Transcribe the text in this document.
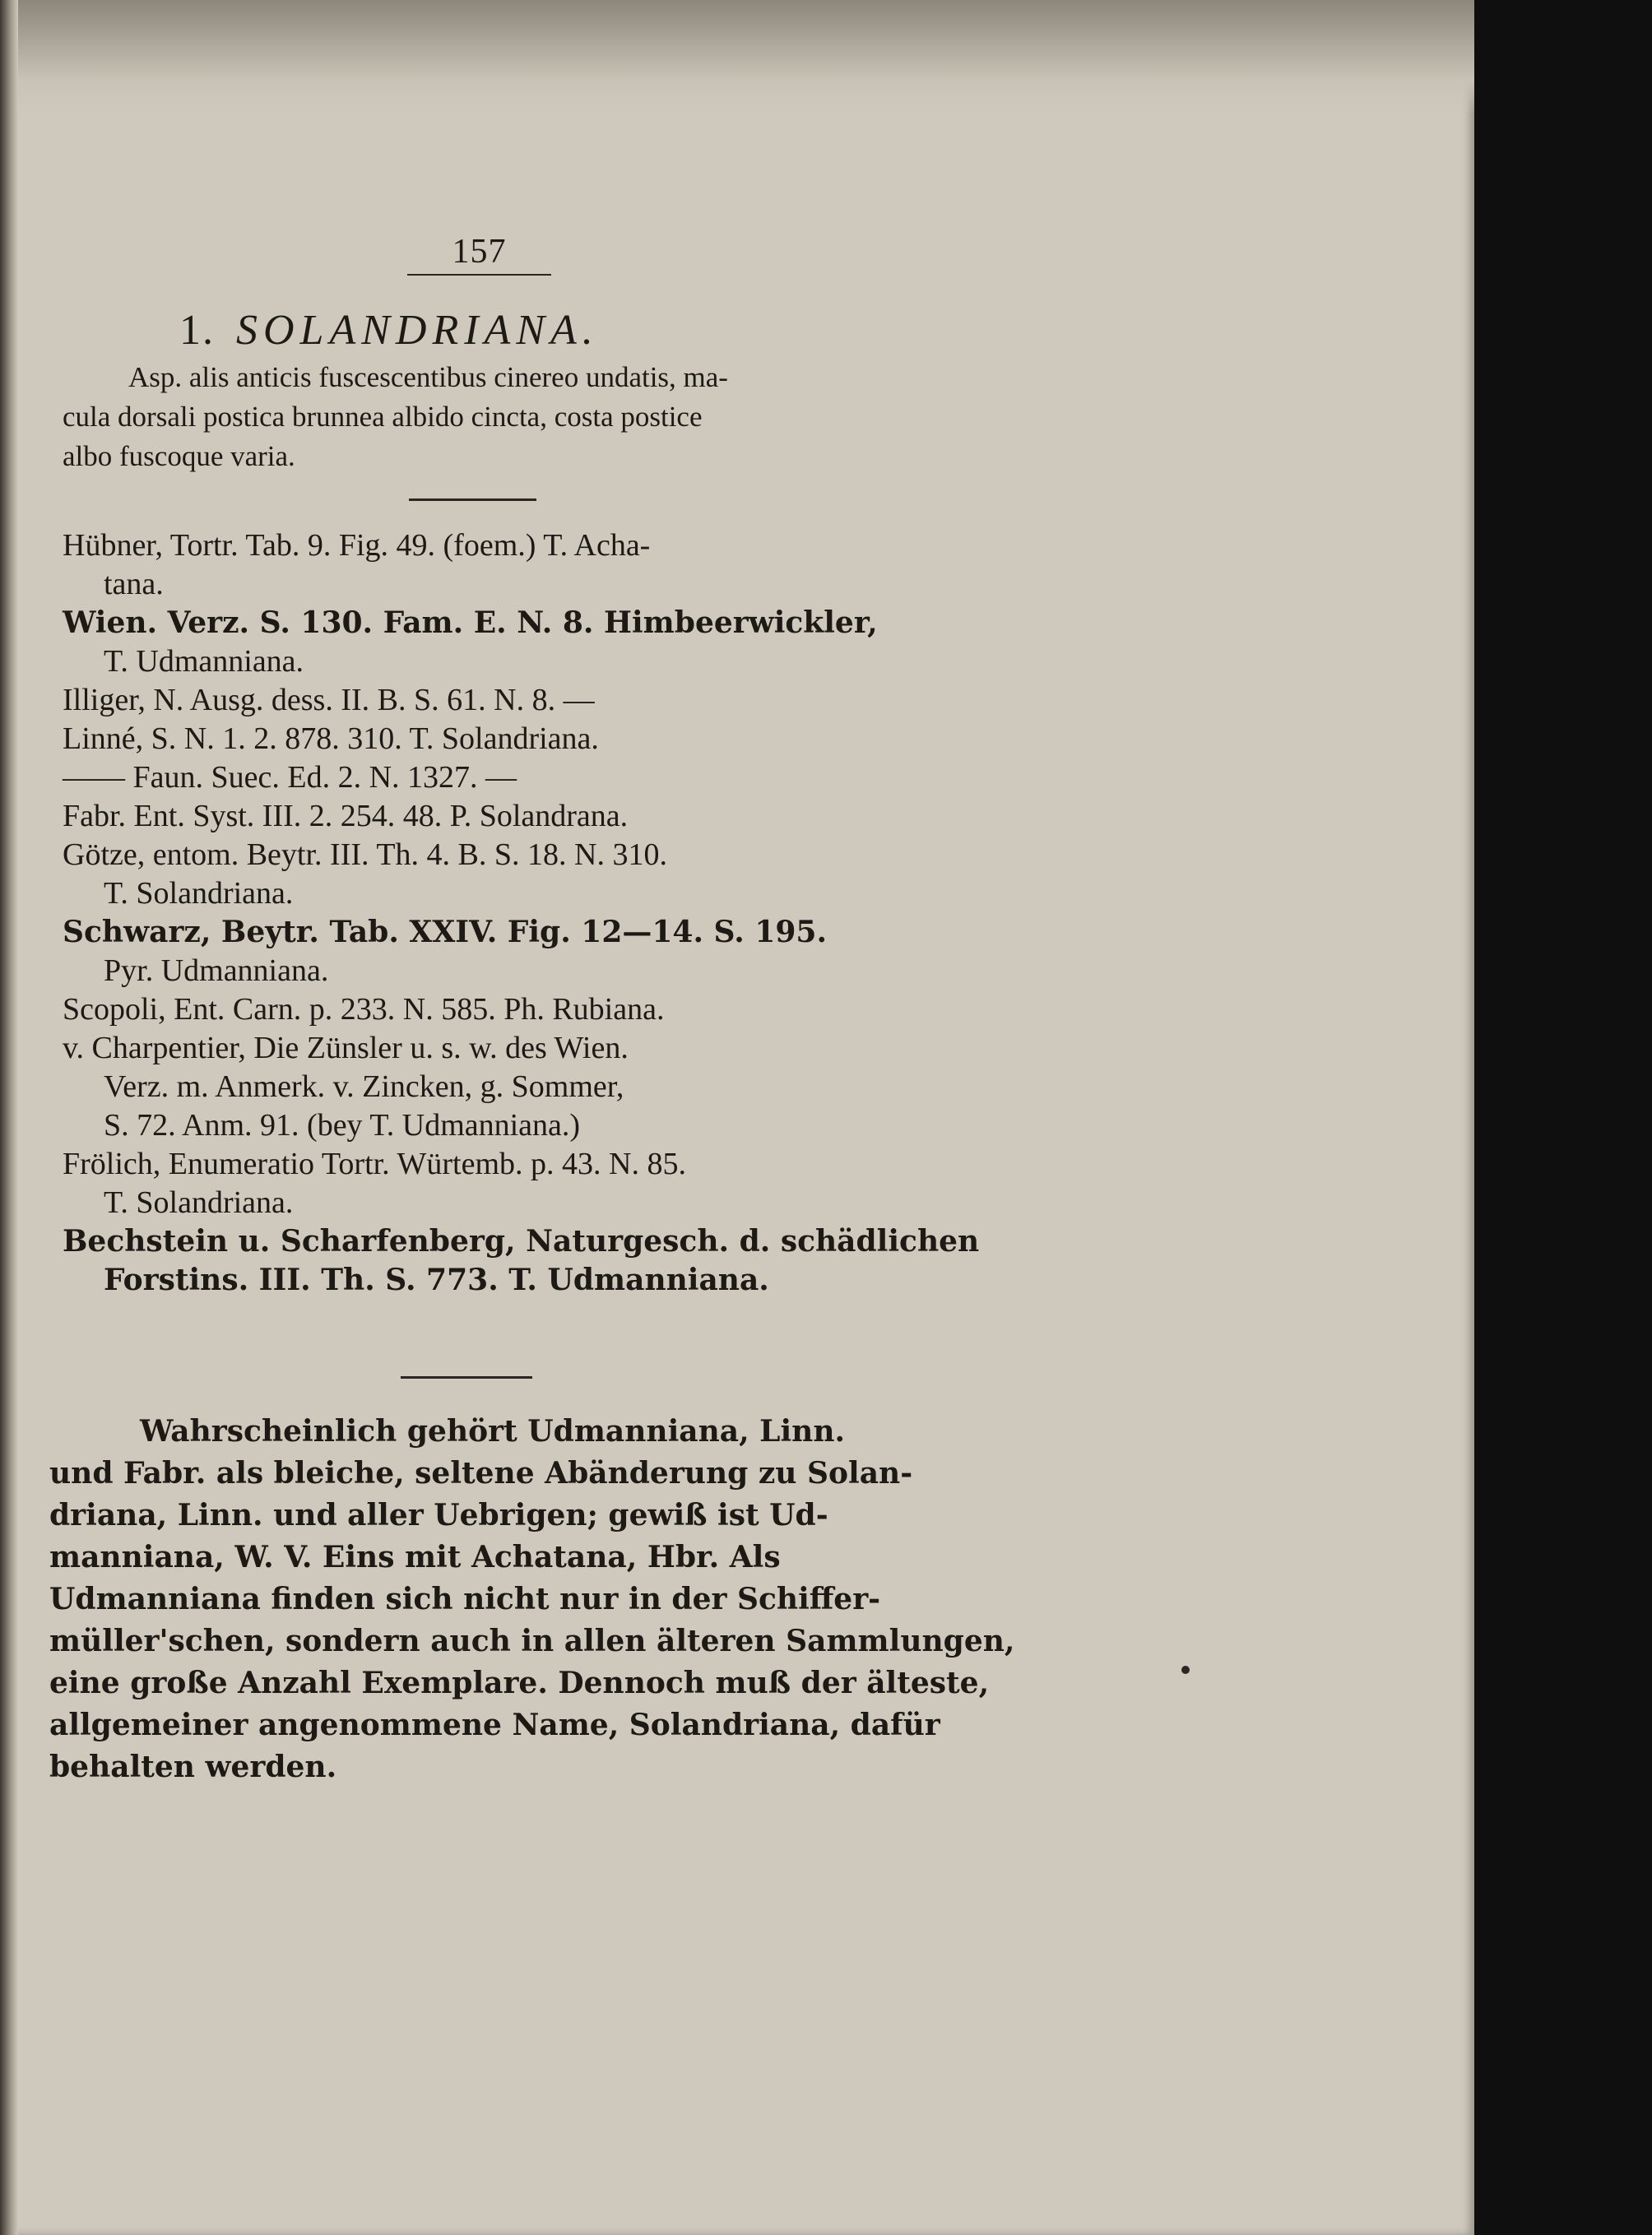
157
1. SOLANDRIANA.
Asp. alis anticis fuscescentibus cinereo undatis, ma-
cula dorsali postica brunnea albido cincta, costa postice
albo fuscoque varia.
Hübner, Tortr. Tab. 9. Fig. 49. (foem.) T. Acha-
tana.
Wien. Verz. S. 130. Fam. E. N. 8. Himbeerwickler,
T. Udmanniana.
Illiger, N. Ausg. dess. II. B. S. 61. N. 8. —
Linné, S. N. 1. 2. 878. 310. T. Solandriana.
—— Faun. Suec. Ed. 2. N. 1327. —
Fabr. Ent. Syst. III. 2. 254. 48. P. Solandrana.
Götze, entom. Beytr. III. Th. 4. B. S. 18. N. 310.
T. Solandriana.
Schwarz, Beytr. Tab. XXIV. Fig. 12—14. S. 195.
Pyr. Udmanniana.
Scopoli, Ent. Carn. p. 233. N. 585. Ph. Rubiana.
v. Charpentier, Die Zünsler u. s. w. des Wien.
Verz. m. Anmerk. v. Zincken, g. Sommer,
S. 72. Anm. 91. (bey T. Udmanniana.)
Frölich, Enumeratio Tortr. Würtemb. p. 43. N. 85.
T. Solandriana.
Bechstein u. Scharfenberg, Naturgesch. d. schädlichen
Forstins. III. Th. S. 773. T. Udmanniana.
Wahrscheinlich gehört Udmanniana, Linn.
und Fabr. als bleiche, seltene Abänderung zu Solan-
driana, Linn. und aller Uebrigen; gewiß ist Ud-
manniana, W. V. Eins mit Achatana, Hbr. Als
Udmanniana finden sich nicht nur in der Schiffer-
müller'schen, sondern auch in allen älteren Sammlungen,
eine große Anzahl Exemplare. Dennoch muß der älteste,
allgemeiner angenommene Name, Solandriana, dafür
behalten werden.
